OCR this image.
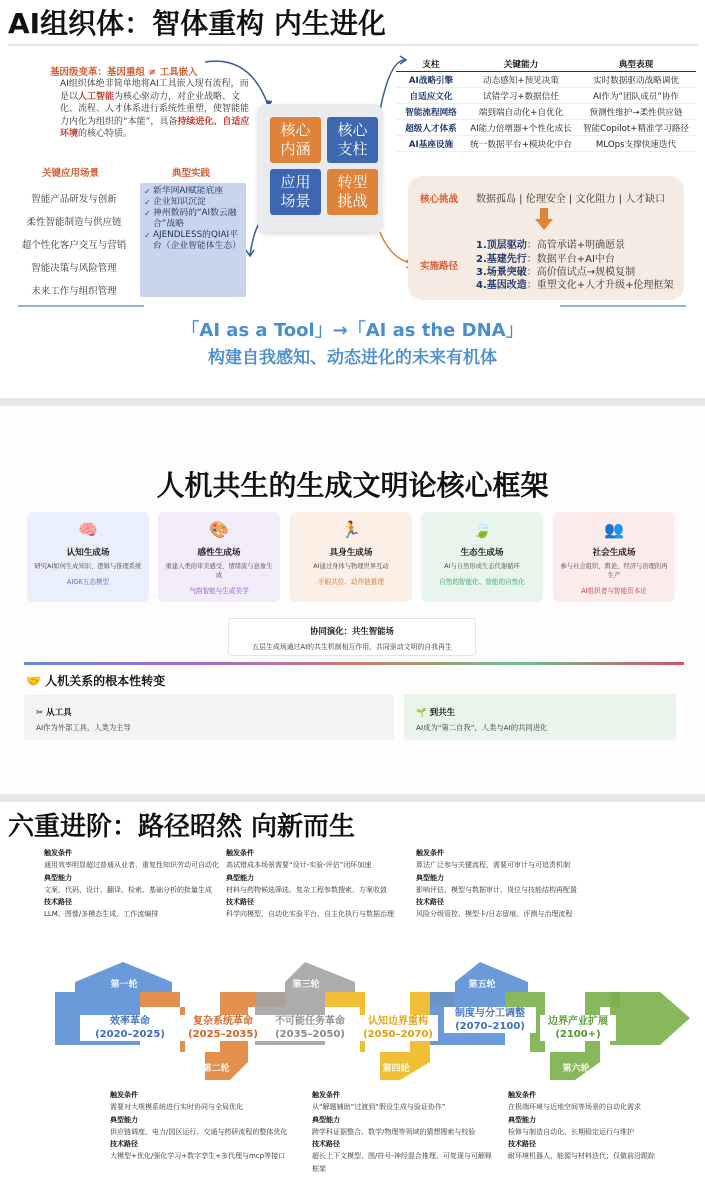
AI组织体：智体重构 内生进化
基因级变革：基因重组 ≠ 工具嵌入
AI组织体绝非简单地将AI工具嵌入现有流程，而是以人工智能为核心驱动力，对企业战略、文化、流程、人才体系进行系统性重塑，使智能能力内化为组织的“本能”，具备持续进化、自适应环境的核心特质。
关键应用场景	典型实践
智能产品研发与创新
柔性智能制造与供应链
超个性化客户交互与营销
智能决策与风险管理
未来工作与组织管理
✓ 新华网AI赋能底座
✓ 企业知识沉淀
✓ 神州数码的“AI数云融合”战略
✓ AJENDLESS的QIAI平台（企业智能体生态）
核心
内涵
核心
支柱
应用
场景
转型
挑战
支柱	关键能力	典型表现
AI战略引擎	动态感知+预见决策	实时数据驱动战略调优
自适应文化	试错学习+数据信任	AI作为“团队成员”协作
智能流程网络	端到端自动化+自优化	预测性维护→柔性供应链
超级人才体系	AI能力倍增器+个性化成长	智能Copilot+精准学习路径
AI基座设施	统一数据平台+模块化中台	MLOps支撑快速迭代
核心挑战 数据孤岛 | 伦理安全 | 文化阻力 | 人才缺口
实施路径
1.顶层驱动：高管承诺+明确愿景
2.基建先行：数据平台+AI中台
3.场景突破：高价值试点→规模复制
4.基因改造：重塑文化+人才升级+伦理框架
「AI as a Tool」→「AI as the DNA」
构建自我感知、动态进化的未来有机体
人机共生的生成文明论核心框架
🧠
认知生成场
研究AI如何生成知识、逻辑与推理系统
AIGK五态模型
🎨
感性生成场
重建人类的审美感受、情绪流与意象生成
气韵智能与生成美学
🏃
具身生成场
AI通过身体与物理世界互动
手眼共位、动作链推理
🍃
生态生成场
AI与自然形成生态代谢循环
自然的智能化、智能的自然化
👥
社会生成场
参与社会组织、舆论、经济与治理的再生产
AI组织者与智能资本论
协同演化：共生智能场
五层生成场通过AI的共生机制相互作用，共同驱动文明的自我再生
🤝 人机关系的根本性转变
✂ 从工具
AI作为外部工具，人类为主导
🌱 到共生
AI成为“第二自我”，人类与AI的共同进化
六重进阶：路径昭然 向新而生
触发条件
通用效率明显超过普通从业者，重复性知识劳动可自动化
典型能力
文案、代码、设计、翻译、检索、基础分析的批量生成
技术路径
LLM、图像/多模态生成、工作流编排
触发条件
高试错成本场景需要“设计-实验-评估”闭环加速
典型能力
材料与药物候选筛选、复杂工程参数搜索、方案收敛
技术路径
科学向模型、自动化实验平台、自主化执行与数据治理
触发条件
算法广泛参与关键流程，需要可审计与可追责机制
典型能力
影响评估、模型与数据审计、岗位与技能结构再配置
技术路径
风险分级管控、模型卡/日志留痕、评测与治理流程
第一轮
第二轮
第三轮
第四轮
第五轮
第六轮
效率革命
(2020–2025)
复杂系统革命
(2025–2035)
不可能任务革命
(2035–2050)
认知边界重构
(2050–2070)
制度与分工调整
(2070–2100)	边界产业扩展
(2100+)
触发条件
需要对大规模系统进行实时协同与全局优化
典型能力
供应链调度、电力/园区运行、交通与药研流程的整体优化
技术路径
大模型+优化/强化学习+数字孪生+多代理与mcp等接口
触发条件
从“解题辅助”过渡到“假设生成与验证协作”
典型能力
跨学科证据整合、数学/物理等领域的猜想搜索与校验
技术路径
超长上下文模型、图/符号-神经混合推理、可复现与可解释框架
触发条件
在极端环境与近地空间等场景的自动化需求
典型能力
检修与制造自动化、长期稳定运行与维护
技术路径
耐环境机器人、能源与材料迭代；仅做前沿跟踪
